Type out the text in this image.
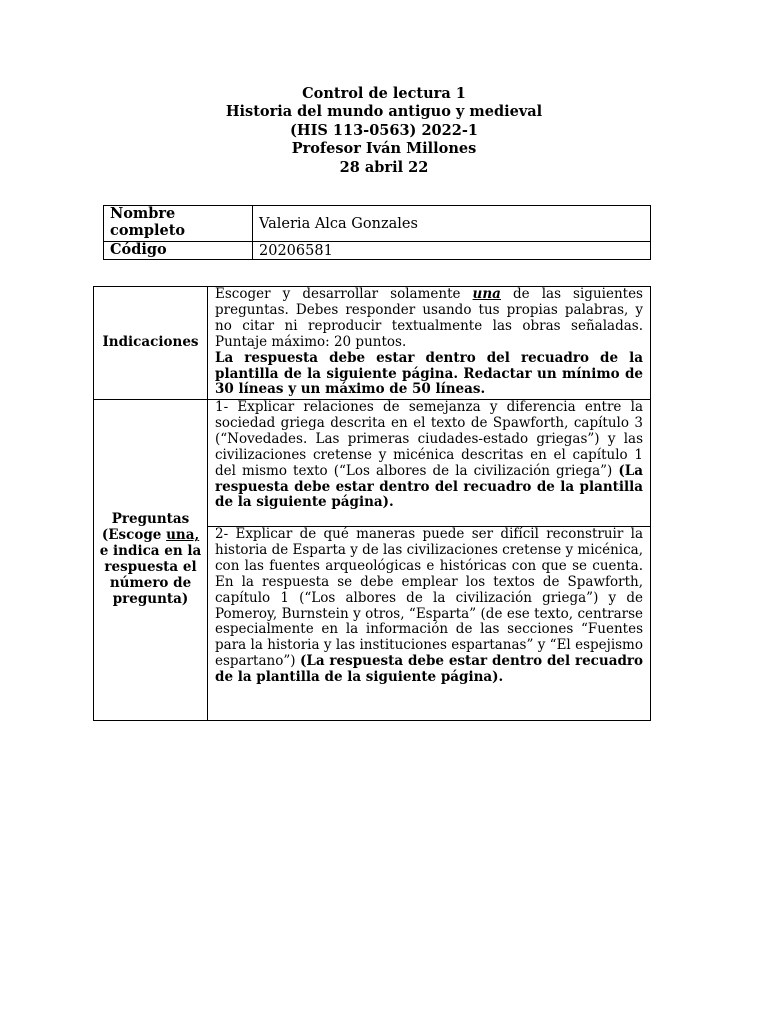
Control de lectura 1
Historia del mundo antiguo y medieval
(HIS 113-0563) 2022-1
Profesor Iván Millones
28 abril 22
Nombre completo	Valeria Alca Gonzales
Código	20206581
Indicaciones	Escoger y desarrollar solamente una de las siguientes preguntas. Debes responder usando tus propias palabras, y no citar ni reproducir textualmente las obras señaladas. Puntaje máximo: 20 puntos.
La respuesta debe estar dentro del recuadro de la plantilla de la siguiente página. Redactar un mínimo de 30 líneas y un máximo de 50 líneas.
Preguntas (Escoge una, e indica en la respuesta el número de pregunta)	1- Explicar relaciones de semejanza y diferencia entre la sociedad griega descrita en el texto de Spawforth, capítulo 3 (“Novedades. Las primeras ciudades-estado griegas”) y las civilizaciones cretense y micénica descritas en el capítulo 1 del mismo texto (“Los albores de la civilización griega”) (La respuesta debe estar dentro del recuadro de la plantilla de la siguiente página).
	2- Explicar de qué maneras puede ser difícil reconstruir la historia de Esparta y de las civilizaciones cretense y micénica, con las fuentes arqueológicas e históricas con que se cuenta. En la respuesta se debe emplear los textos de Spawforth, capítulo 1 (“Los albores de la civilización griega”) y de Pomeroy, Burnstein y otros, “Esparta” (de ese texto, centrarse especialmente en la información de las secciones “Fuentes para la historia y las instituciones espartanas” y “El espejismo espartano”) (La respuesta debe estar dentro del recuadro de la plantilla de la siguiente página).
